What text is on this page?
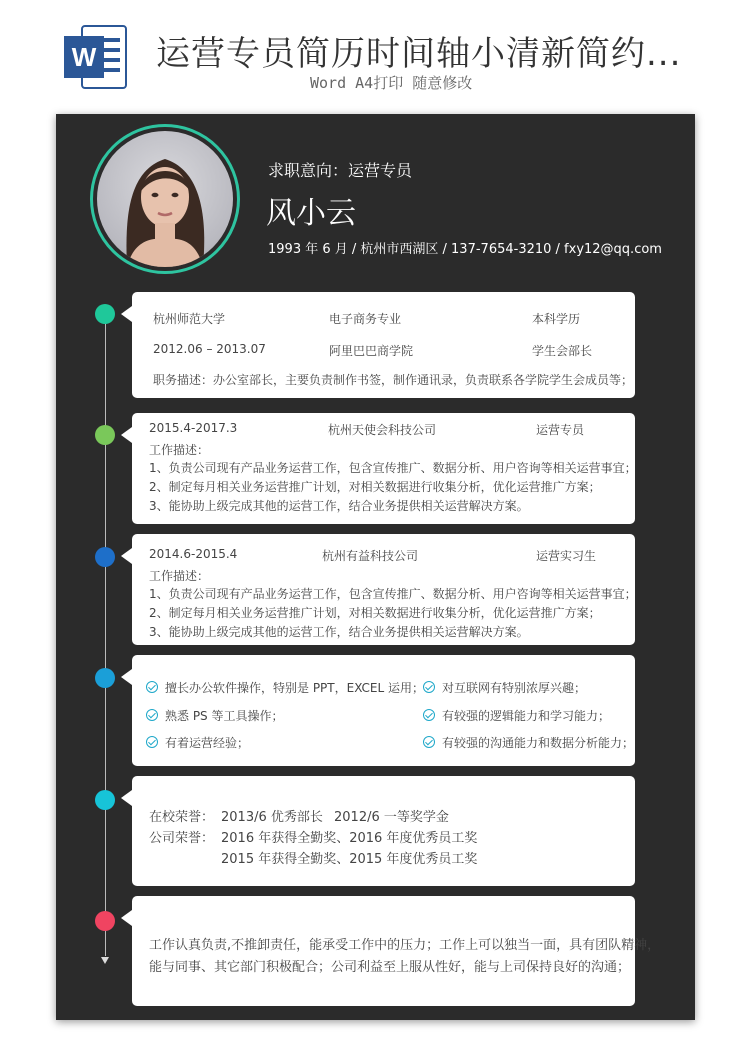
W 运营专员简历时间轴小清新简约...
Word A4打印 随意修改
求职意向：运营专员
风小云
1993 年 6 月 / 杭州市西湖区 / 137-7654-3210 / fxy12@qq.com
杭州师范大学	电子商务专业	本科学历
2012.06 – 2013.07	阿里巴巴商学院	学生会部长
职务描述：办公室部长，主要负责制作书签，制作通讯录，负责联系各学院学生会成员等；
2015.4-2017.3	杭州天使会科技公司	运营专员
工作描述：
1、负责公司现有产品业务运营工作，包含宣传推广、数据分析、用户咨询等相关运营事宜；
2、制定每月相关业务运营推广计划，对相关数据进行收集分析，优化运营推广方案；
3、能协助上级完成其他的运营工作，结合业务提供相关运营解决方案。
2014.6-2015.4	杭州有益科技公司	运营实习生
工作描述：
1、负责公司现有产品业务运营工作，包含宣传推广、数据分析、用户咨询等相关运营事宜；
2、制定每月相关业务运营推广计划，对相关数据进行收集分析，优化运营推广方案；
3、能协助上级完成其他的运营工作，结合业务提供相关运营解决方案。
擅长办公软件操作，特别是 PPT，EXCEL 运用；
熟悉 PS 等工具操作；
有着运营经验；
对互联网有特别浓厚兴趣；
有较强的逻辑能力和学习能力；
有较强的沟通能力和数据分析能力；
在校荣誉： 2013/6 优秀部长 2012/6 一等奖学金
公司荣誉： 2016 年获得全勤奖、2016 年度优秀员工奖
2015 年获得全勤奖、2015 年度优秀员工奖
工作认真负责,不推卸责任，能承受工作中的压力；工作上可以独当一面，具有团队精神，
能与同事、其它部门积极配合；公司利益至上服从性好，能与上司保持良好的沟通；
